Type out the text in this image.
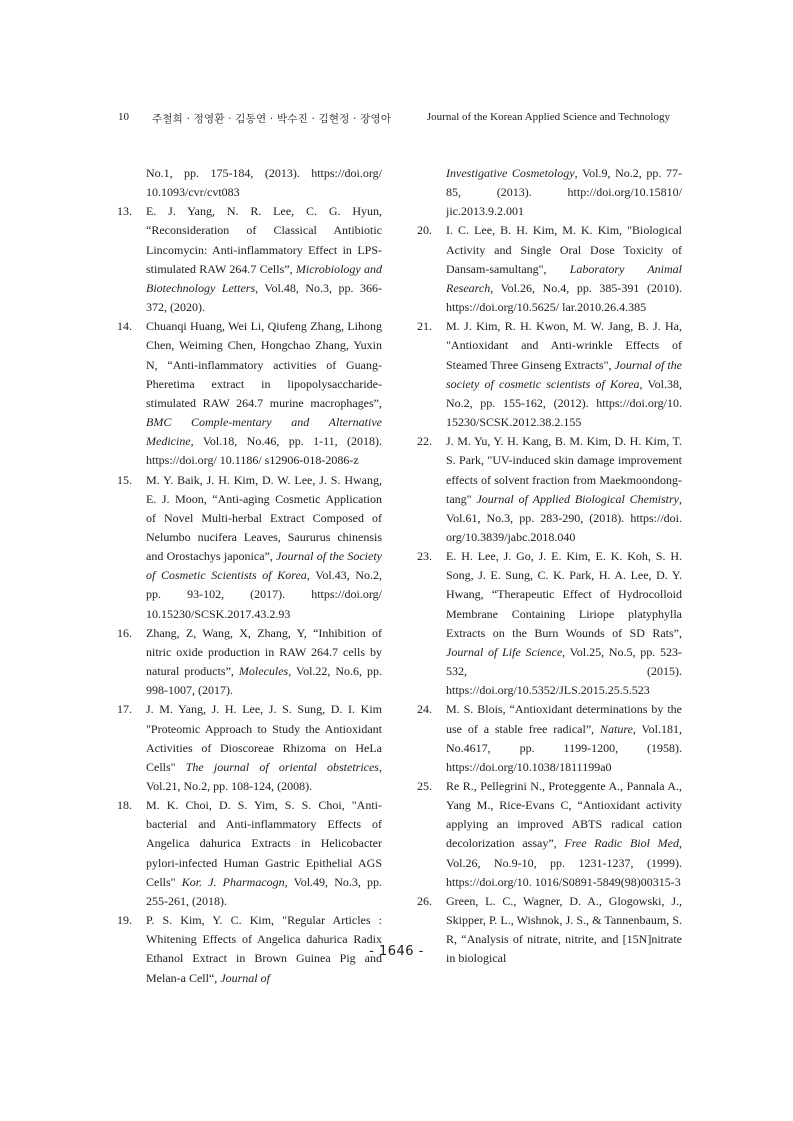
10 주철희 · 정영환 · 김동연 · 박수진 · 김현정 · 장영아	Journal of the Korean Applied Science and Technology
No.1, pp. 175-184, (2013). https://doi.org/ 10.1093/cvr/cvt083
13. E. J. Yang, N. R. Lee, C. G. Hyun, “Reconsideration of Classical Antibiotic Lincomycin: Anti-inflammatory Effect in LPS-stimulated RAW 264.7 Cells”, Microbiology and Biotechnology Letters, Vol.48, No.3, pp. 366-372, (2020).
14. Chuanqi Huang, Wei Li, Qiufeng Zhang, Lihong Chen, Weiming Chen, Hongchao Zhang, Yuxin N, “Anti-inflammatory activities of Guang-Pheretima extract in lipopolysaccharide-stimulated RAW 264.7 murine macrophages”, BMC Comple-mentary and Alternative Medicine, Vol.18, No.46, pp. 1-11, (2018). https://doi.org/ 10.1186/ s12906-018-2086-z
15. M. Y. Baik, J. H. Kim, D. W. Lee, J. S. Hwang, E. J. Moon, “Anti-aging Cosmetic Application of Novel Multi-herbal Extract Composed of Nelumbo nucifera Leaves, Saururus chinensis and Orostachys japonica”, Journal of the Society of Cosmetic Scientists of Korea, Vol.43, No.2, pp. 93-102, (2017). https://doi.org/ 10.15230/SCSK.2017.43.2.93
16. Zhang, Z, Wang, X, Zhang, Y, “Inhibition of nitric oxide production in RAW 264.7 cells by natural products”, Molecules, Vol.22, No.6, pp. 998-1007, (2017).
17. J. M. Yang, J. H. Lee, J. S. Sung, D. I. Kim "Proteomic Approach to Study the Antioxidant Activities of Dioscoreae Rhizoma on HeLa Cells" The journal of oriental obstetrices, Vol.21, No.2, pp. 108-124, (2008).
18. M. K. Choi, D. S. Yim, S. S. Choi, "Anti-bacterial and Anti-inflammatory Effects of Angelica dahurica Extracts in Helicobacter pylori-infected Human Gastric Epithelial AGS Cells" Kor. J. Pharmacogn, Vol.49, No.3, pp. 255-261, (2018).
19. P. S. Kim, Y. C. Kim, "Regular Articles : Whitening Effects of Angelica dahurica Radix Ethanol Extract in Brown Guinea Pig and Melan-a Cell“, Journal of
Investigative Cosmetology, Vol.9, No.2, pp. 77-85, (2013). http://doi.org/10.15810/ jic.2013.9.2.001
20. I. C. Lee, B. H. Kim, M. K. Kim, "Biological Activity and Single Oral Dose Toxicity of Dansam-samultang", Laboratory Animal Research, Vol.26, No.4, pp. 385-391 (2010). https://doi.org/10.5625/ lar.2010.26.4.385
21. M. J. Kim, R. H. Kwon, M. W. Jang, B. J. Ha, "Antioxidant and Anti-wrinkle Effects of Steamed Three Ginseng Extracts", Journal of the society of cosmetic scientists of Korea, Vol.38, No.2, pp. 155-162, (2012). https://doi.org/10. 15230/SCSK.2012.38.2.155
22. J. M. Yu, Y. H. Kang, B. M. Kim, D. H. Kim, T. S. Park, "UV-induced skin damage improvement effects of solvent fraction from Maekmoondong-tang" Journal of Applied Biological Chemistry, Vol.61, No.3, pp. 283-290, (2018). https://doi. org/10.3839/jabc.2018.040
23. E. H. Lee, J. Go, J. E. Kim, E. K. Koh, S. H. Song, J. E. Sung, C. K. Park, H. A. Lee, D. Y. Hwang, “Therapeutic Effect of Hydrocolloid Membrane Containing Liriope platyphylla Extracts on the Burn Wounds of SD Rats”, Journal of Life Science, Vol.25, No.5, pp. 523-532, (2015). https://doi.org/10.5352/JLS.2015.25.5.523
24. M. S. Blois, “Antioxidant determinations by the use of a stable free radical”, Nature, Vol.181, No.4617, pp. 1199-1200, (1958). https://doi.org/10.1038/1811199a0
25. Re R., Pellegrini N., Proteggente A., Pannala A., Yang M., Rice-Evans C, “Antioxidant activity applying an improved ABTS radical cation decolorization assay”, Free Radic Biol Med, Vol.26, No.9-10, pp. 1231-1237, (1999). https://doi.org/10. 1016/S0891-5849(98)00315-3
26. Green, L. C., Wagner, D. A., Glogowski, J., Skipper, P. L., Wishnok, J. S., & Tannenbaum, S. R, “Analysis of nitrate, nitrite, and [15N]nitrate in biological
- 1646 -
